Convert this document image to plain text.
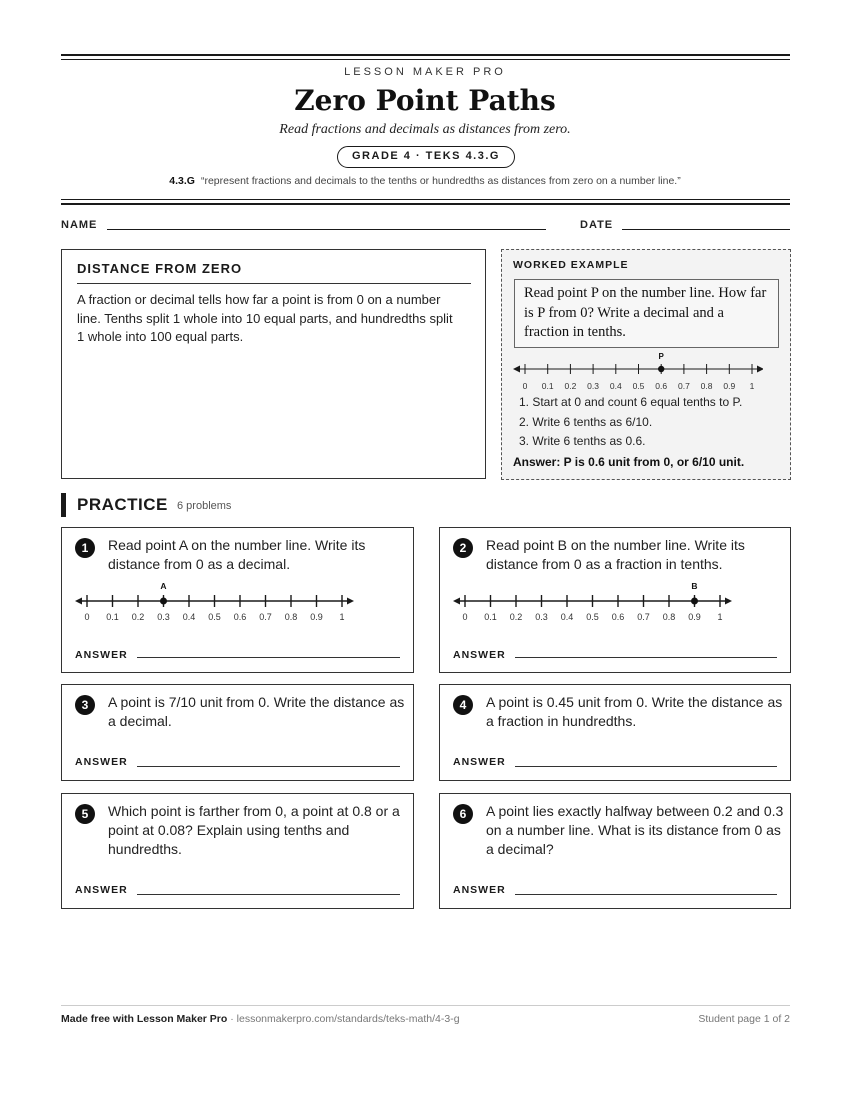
LESSON MAKER PRO
Zero Point Paths
Read fractions and decimals as distances from zero.
GRADE 4 · TEKS 4.3.G
4.3.G “represent fractions and decimals to the tenths or hundredths as distances from zero on a number line.”
NAME	DATE
DISTANCE FROM ZERO

A fraction or decimal tells how far a point is from 0 on a number line. Tenths split 1 whole into 10 equal parts, and hundredths split 1 whole into 100 equal parts.

WORKED EXAMPLE
Read point P on the number line. How far is P from 0? Write a decimal and a fraction in tenths.
0 0.1 0.2 0.3 0.4 0.5 0.6 0.7 0.8 0.9 1
P
1. Start at 0 and count 6 equal tenths to P.
2. Write 6 tenths as 6/10.
3. Write 6 tenths as 0.6.
Answer: P is 0.6 unit from 0, or 6/10 unit.
PRACTICE 6 problems
1	Read point A on the number line. Write its distance from 0 as a decimal.
0 0.1 0.2 0.3 0.4 0.5 0.6 0.7 0.8 0.9 1
A
ANSWER
2	Read point B on the number line. Write its distance from 0 as a fraction in tenths.
0 0.1 0.2 0.3 0.4 0.5 0.6 0.7 0.8 0.9 1
B
ANSWER
3	A point is 7/10 unit from 0. Write the distance as a decimal.
ANSWER
4	A point is 0.45 unit from 0. Write the distance as a fraction in hundredths.
ANSWER
5	Which point is farther from 0, a point at 0.8 or a point at 0.08? Explain using tenths and hundredths.
ANSWER
6	A point lies exactly halfway between 0.2 and 0.3 on a number line. What is its distance from 0 as a decimal?
ANSWER
Made free with Lesson Maker Pro · lessonmakerpro.com/standards/teks-math/4-3-g	Student page 1 of 2
